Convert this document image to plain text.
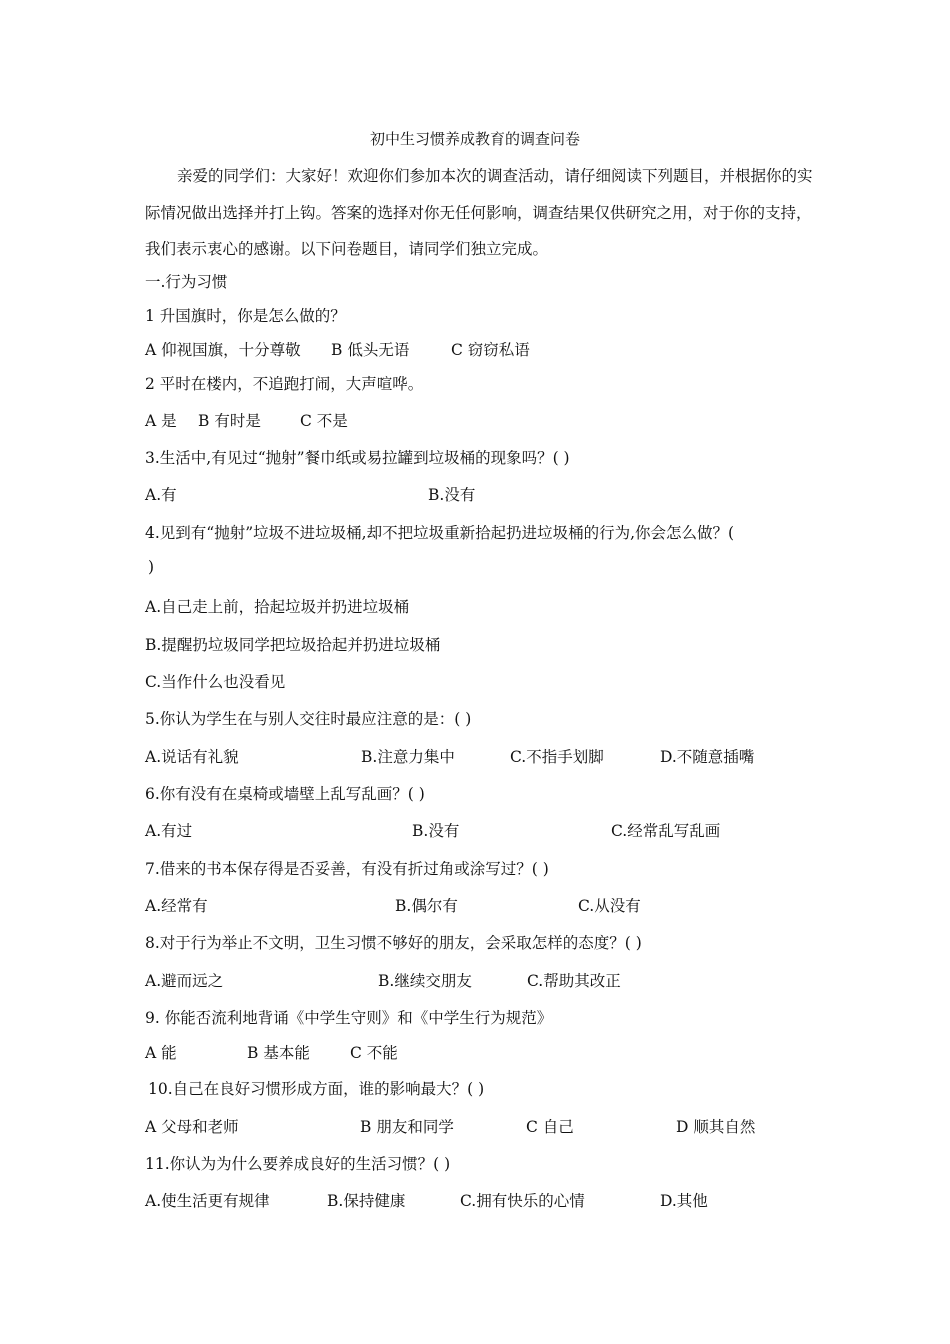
初中生习惯养成教育的调查问卷
亲爱的同学们：大家好！欢迎你们参加本次的调查活动，请仔细阅读下列题目，并根据你的实际情况做出选择并打上钩。答案的选择对你无任何影响，调查结果仅供研究之用，对于你的支持，我们表示衷心的感谢。以下问卷题目，请同学们独立完成。
一.行为习惯
1 升国旗时，你是怎么做的？
A 仰视国旗，十分尊敬 B 低头无语	C 窃窃私语
2 平时在楼内，不追跑打闹，大声喧哗。
A 是 B 有时是	C 不是
3.生活中,有见过“抛射”餐巾纸或易拉罐到垃圾桶的现象吗？( )
A.有	B.没有
4.见到有“抛射”垃圾不进垃圾桶,却不把垃圾重新拾起扔进垃圾桶的行为,你会怎么做？(
)
A.自己走上前，拾起垃圾并扔进垃圾桶
B.提醒扔垃圾同学把垃圾拾起并扔进垃圾桶
C.当作什么也没看见
5.你认为学生在与别人交往时最应注意的是：( )
A.说话有礼貌	B.注意力集中	C.不指手划脚	D.不随意插嘴
6.你有没有在桌椅或墙壁上乱写乱画？( )
A.有过	B.没有	C.经常乱写乱画
7.借来的书本保存得是否妥善，有没有折过角或涂写过？( )
A.经常有	B.偶尔有	C.从没有
8.对于行为举止不文明，卫生习惯不够好的朋友，会采取怎样的态度？( )
A.避而远之	B.继续交朋友	C.帮助其改正
9. 你能否流利地背诵《中学生守则》和《中学生行为规范》
A 能	B 基本能	C 不能
10.自己在良好习惯形成方面，谁的影响最大？( )
A 父母和老师	B 朋友和同学	C 自己	D 顺其自然
11.你认为为什么要养成良好的生活习惯？( )
A.使生活更有规律	B.保持健康	C.拥有快乐的心情	D.其他
